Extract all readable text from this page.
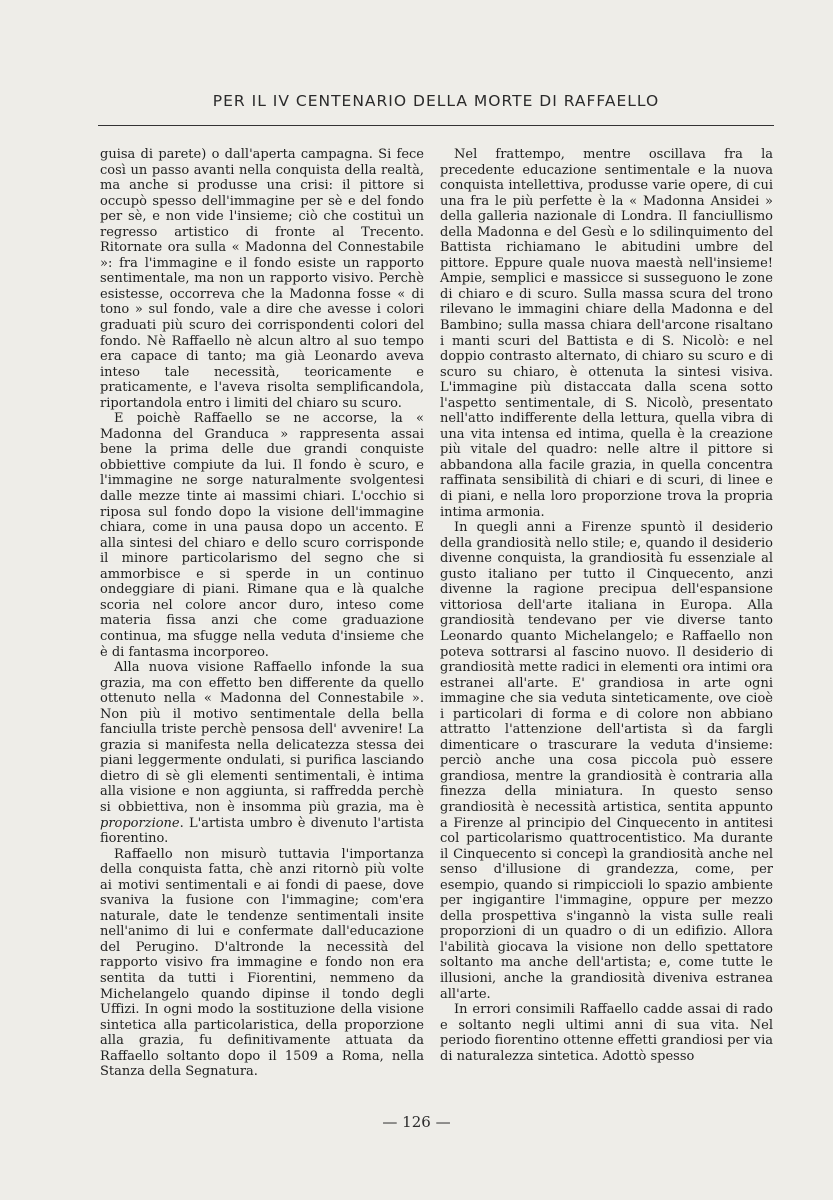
PER IL IV CENTENARIO DELLA MORTE DI RAFFAELLO

guisa di parete) o dall'aperta campagna. Si fece così un passo avanti nella conquista della realtà, ma anche si produsse una crisi: il pittore si occupò spesso dell'immagine per sè e del fondo per sè, e non vide l'insieme; ciò che costituì un regresso artistico di fronte al Trecento. Ritornate ora sulla « Madonna del Connestabile »: fra l'immagine e il fondo esiste un rapporto sentimentale, ma non un rapporto visivo. Perchè esistesse, occorreva che la Madonna fosse « di tono » sul fondo, vale a dire che avesse i colori graduati più scuro dei corrispondenti colori del fondo. Nè Raffaello nè alcun altro al suo tempo era capace di tanto; ma già Leonardo aveva inteso tale necessità, teoricamente e praticamente, e l'aveva risolta semplificandola, riportandola entro i limiti del chiaro su scuro.

E poichè Raffaello se ne accorse, la « Madonna del Granduca » rappresenta assai bene la prima delle due grandi conquiste obbiettive compiute da lui. Il fondo è scuro, e l'immagine ne sorge naturalmente svolgentesi dalle mezze tinte ai massimi chiari. L'occhio si riposa sul fondo dopo la visione dell'immagine chiara, come in una pausa dopo un accento. E alla sintesi del chiaro e dello scuro corrisponde il minore particolarismo del segno che si ammorbisce e si sperde in un continuo ondeggiare di piani. Rimane qua e là qualche scoria nel colore ancor duro, inteso come materia fissa anzi che come graduazione continua, ma sfugge nella veduta d'insieme che è di fantasma incorporeo.

Alla nuova visione Raffaello infonde la sua grazia, ma con effetto ben differente da quello ottenuto nella « Madonna del Connestabile ». Non più il motivo sentimentale della bella fanciulla triste perchè pensosa dell' avvenire! La grazia si manifesta nella delicatezza stessa dei piani leggermente ondulati, si purifica lasciando dietro di sè gli elementi sentimentali, è intima alla visione e non aggiunta, si raffredda perchè si obbiettiva, non è insomma più grazia, ma è proporzione. L'artista umbro è divenuto l'artista fiorentino.

Raffaello non misurò tuttavia l'importanza della conquista fatta, chè anzi ritornò più volte ai motivi sentimentali e ai fondi di paese, dove svaniva la fusione con l'immagine; com'era naturale, date le tendenze sentimentali insite nell'animo di lui e confermate dall'educazione del Perugino. D'altronde la necessità del rapporto visivo fra immagine e fondo non era sentita da tutti i Fiorentini, nemmeno da Michelangelo quando dipinse il tondo degli Uffizi. In ogni modo la sostituzione della visione sintetica alla particolaristica, della proporzione alla grazia, fu definitivamente attuata da Raffaello soltanto dopo il 1509 a Roma, nella Stanza della Segnatura.

Nel frattempo, mentre oscillava fra la precedente educazione sentimentale e la nuova conquista intellettiva, produsse varie opere, di cui una fra le più perfette è la « Madonna Ansidei » della galleria nazionale di Londra. Il fanciullismo della Madonna e del Gesù e lo sdilinquimento del Battista richiamano le abitudini umbre del pittore. Eppure quale nuova maestà nell'insieme! Ampie, semplici e massicce si susseguono le zone di chiaro e di scuro. Sulla massa scura del trono rilevano le immagini chiare della Madonna e del Bambino; sulla massa chiara dell'arcone risaltano i manti scuri del Battista e di S. Nicolò: e nel doppio contrasto alternato, di chiaro su scuro e di scuro su chiaro, è ottenuta la sintesi visiva. L'immagine più distaccata dalla scena sotto l'aspetto sentimentale, di S. Nicolò, presentato nell'atto indifferente della lettura, quella vibra di una vita intensa ed intima, quella è la creazione più vitale del quadro: nelle altre il pittore si abbandona alla facile grazia, in quella concentra raffinata sensibilità di chiari e di scuri, di linee e di piani, e nella loro proporzione trova la propria intima armonia.

In quegli anni a Firenze spuntò il desiderio della grandiosità nello stile; e, quando il desiderio divenne conquista, la grandiosità fu essenziale al gusto italiano per tutto il Cinquecento, anzi divenne la ragione precipua dell'espansione vittoriosa dell'arte italiana in Europa. Alla grandiosità tendevano per vie diverse tanto Leonardo quanto Michelangelo; e Raffaello non poteva sottrarsi al fascino nuovo. Il desiderio di grandiosità mette radici in elementi ora intimi ora estranei all'arte. E' grandiosa in arte ogni immagine che sia veduta sinteticamente, ove cioè i particolari di forma e di colore non abbiano attratto l'attenzione dell'artista sì da fargli dimenticare o trascurare la veduta d'insieme: perciò anche una cosa piccola può essere grandiosa, mentre la grandiosità è contraria alla finezza della miniatura. In questo senso grandiosità è necessità artistica, sentita appunto a Firenze al principio del Cinquecento in antitesi col particolarismo quattrocentistico. Ma durante il Cinquecento si concepì la grandiosità anche nel senso d'illusione di grandezza, come, per esempio, quando si rimpiccioli lo spazio ambiente per ingigantire l'immagine, oppure per mezzo della prospettiva s'ingannò la vista sulle reali proporzioni di un quadro o di un edifizio. Allora l'abilità giocava la visione non dello spettatore soltanto ma anche dell'artista; e, come tutte le illusioni, anche la grandiosità diveniva estranea all'arte.

In errori consimili Raffaello cadde assai di rado e soltanto negli ultimi anni di sua vita. Nel periodo fiorentino ottenne effetti grandiosi per via di naturalezza sintetica. Adottò spesso

— 126 —
